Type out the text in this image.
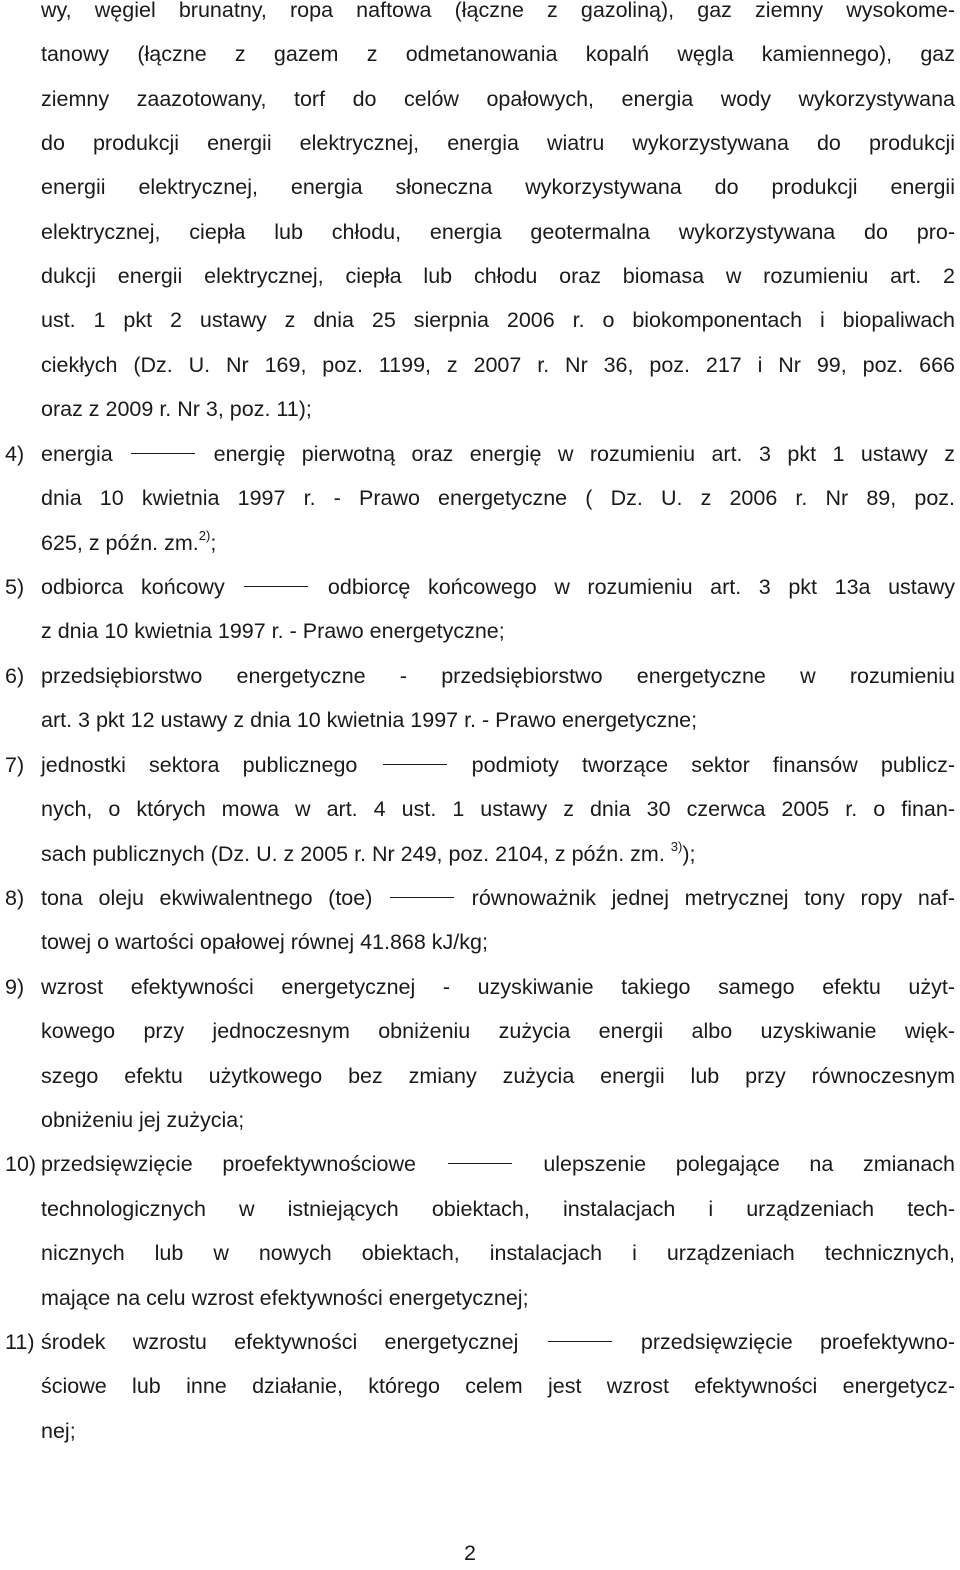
wy, węgiel brunatny, ropa naftowa (łączne z gazoliną), gaz ziemny wysokome-
tanowy (łączne z gazem z odmetanowania kopalń węgla kamiennego), gaz
ziemny zaazotowany, torf do celów opałowych, energia wody wykorzystywana
do produkcji energii elektrycznej, energia wiatru wykorzystywana do produkcji
energii elektrycznej, energia słoneczna wykorzystywana do produkcji energii
elektrycznej, ciepła lub chłodu, energia geotermalna wykorzystywana do pro-
dukcji energii elektrycznej, ciepła lub chłodu oraz biomasa w rozumieniu art. 2
ust. 1 pkt 2 ustawy z dnia 25 sierpnia 2006 r. o biokomponentach i biopaliwach
ciekłych (Dz. U. Nr 169, poz. 1199, z 2007 r. Nr 36, poz. 217 i Nr 99, poz. 666
oraz z 2009 r. Nr 3, poz. 11);
4) energia	energię pierwotną oraz energię w rozumieniu art. 3 pkt 1 ustawy z
dnia 10 kwietnia 1997 r. - Prawo energetyczne ( Dz. U. z 2006 r. Nr 89, poz.
625, z późn. zm.$^{2)}$;
5) odbiorca końcowy	odbiorcę końcowego w rozumieniu art. 3 pkt 13a ustawy
z dnia 10 kwietnia 1997 r. - Prawo energetyczne;
6) przedsiębiorstwo energetyczne - przedsiębiorstwo energetyczne w rozumieniu
art. 3 pkt 12 ustawy z dnia 10 kwietnia 1997 r. - Prawo energetyczne;
7) jednostki sektora publicznego	podmioty tworzące sektor finansów publicz-
nych, o których mowa w art. 4 ust. 1 ustawy z dnia 30 czerwca 2005 r. o finan-
sach publicznych (Dz. U. z 2005 r. Nr 249, poz. 2104, z późn. zm. $^{3)}$);
8) tona oleju ekwiwalentnego (toe)	równoważnik jednej metrycznej tony ropy naf-
towej o wartości opałowej równej 41.868 kJ/kg;
9) wzrost efektywności energetycznej - uzyskiwanie takiego samego efektu użyt-
kowego przy jednoczesnym obniżeniu zużycia energii albo uzyskiwanie więk-
szego efektu użytkowego bez zmiany zużycia energii lub przy równoczesnym
obniżeniu jej zużycia;
10) przedsięwzięcie proefektywnościowe	ulepszenie polegające na zmianach
technologicznych w istniejących obiektach, instalacjach i urządzeniach tech-
nicznych lub w nowych obiektach, instalacjach i urządzeniach technicznych,
mające na celu wzrost efektywności energetycznej;
11) środek wzrostu efektywności energetycznej	przedsięwzięcie proefektywno-
ściowe lub inne działanie, którego celem jest wzrost efektywności energetycz-
nej;
2
